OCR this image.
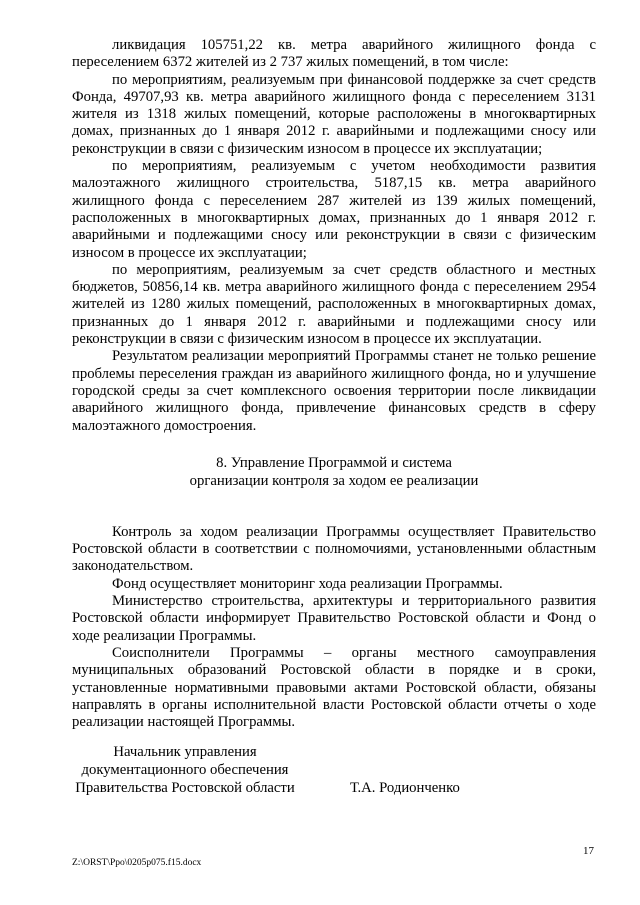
ликвидация 105751,22 кв. метра аварийного жилищного фонда с переселением 6372 жителей из 2 737 жилых помещений, в том числе:

по мероприятиям, реализуемым при финансовой поддержке за счет средств Фонда, 49707,93 кв. метра аварийного жилищного фонда с переселением 3131 жителя из 1318 жилых помещений, которые расположены в многоквартирных домах, признанных до 1 января 2012 г. аварийными и подлежащими сносу или реконструкции в связи с физическим износом в процессе их эксплуатации;

по мероприятиям, реализуемым с учетом необходимости развития малоэтажного жилищного строительства, 5187,15 кв. метра аварийного жилищного фонда с переселением 287 жителей из 139 жилых помещений, расположенных в многоквартирных домах, признанных до 1 января 2012 г. аварийными и подлежащими сносу или реконструкции в связи с физическим износом в процессе их эксплуатации;

по мероприятиям, реализуемым за счет средств областного и местных бюджетов, 50856,14 кв. метра аварийного жилищного фонда с переселением 2954 жителей из 1280 жилых помещений, расположенных в многоквартирных домах, признанных до 1 января 2012 г. аварийными и подлежащими сносу или реконструкции в связи с физическим износом в процессе их эксплуатации.

Результатом реализации мероприятий Программы станет не только решение проблемы переселения граждан из аварийного жилищного фонда, но и улучшение городской среды за счет комплексного освоения территории после ликвидации аварийного жилищного фонда, привлечение финансовых средств в сферу малоэтажного домостроения.

8. Управление Программой и система
организации контроля за ходом ее реализации

Контроль за ходом реализации Программы осуществляет Правительство Ростовской области в соответствии с полномочиями, установленными областным законодательством.

Фонд осуществляет мониторинг хода реализации Программы.

Министерство строительства, архитектуры и территориального развития Ростовской области информирует Правительство Ростовской области и Фонд о ходе реализации Программы.

Соисполнители Программы – органы местного самоуправления муниципальных образований Ростовской области в порядке и в сроки, установленные нормативными правовыми актами Ростовской области, обязаны направлять в органы исполнительной власти Ростовской области отчеты о ходе реализации настоящей Программы.

Начальник управления
документационного обеспечения
Правительства Ростовской области	Т.А. Родионченко
17
Z:\ORST\Ppo\0205p075.f15.docx
